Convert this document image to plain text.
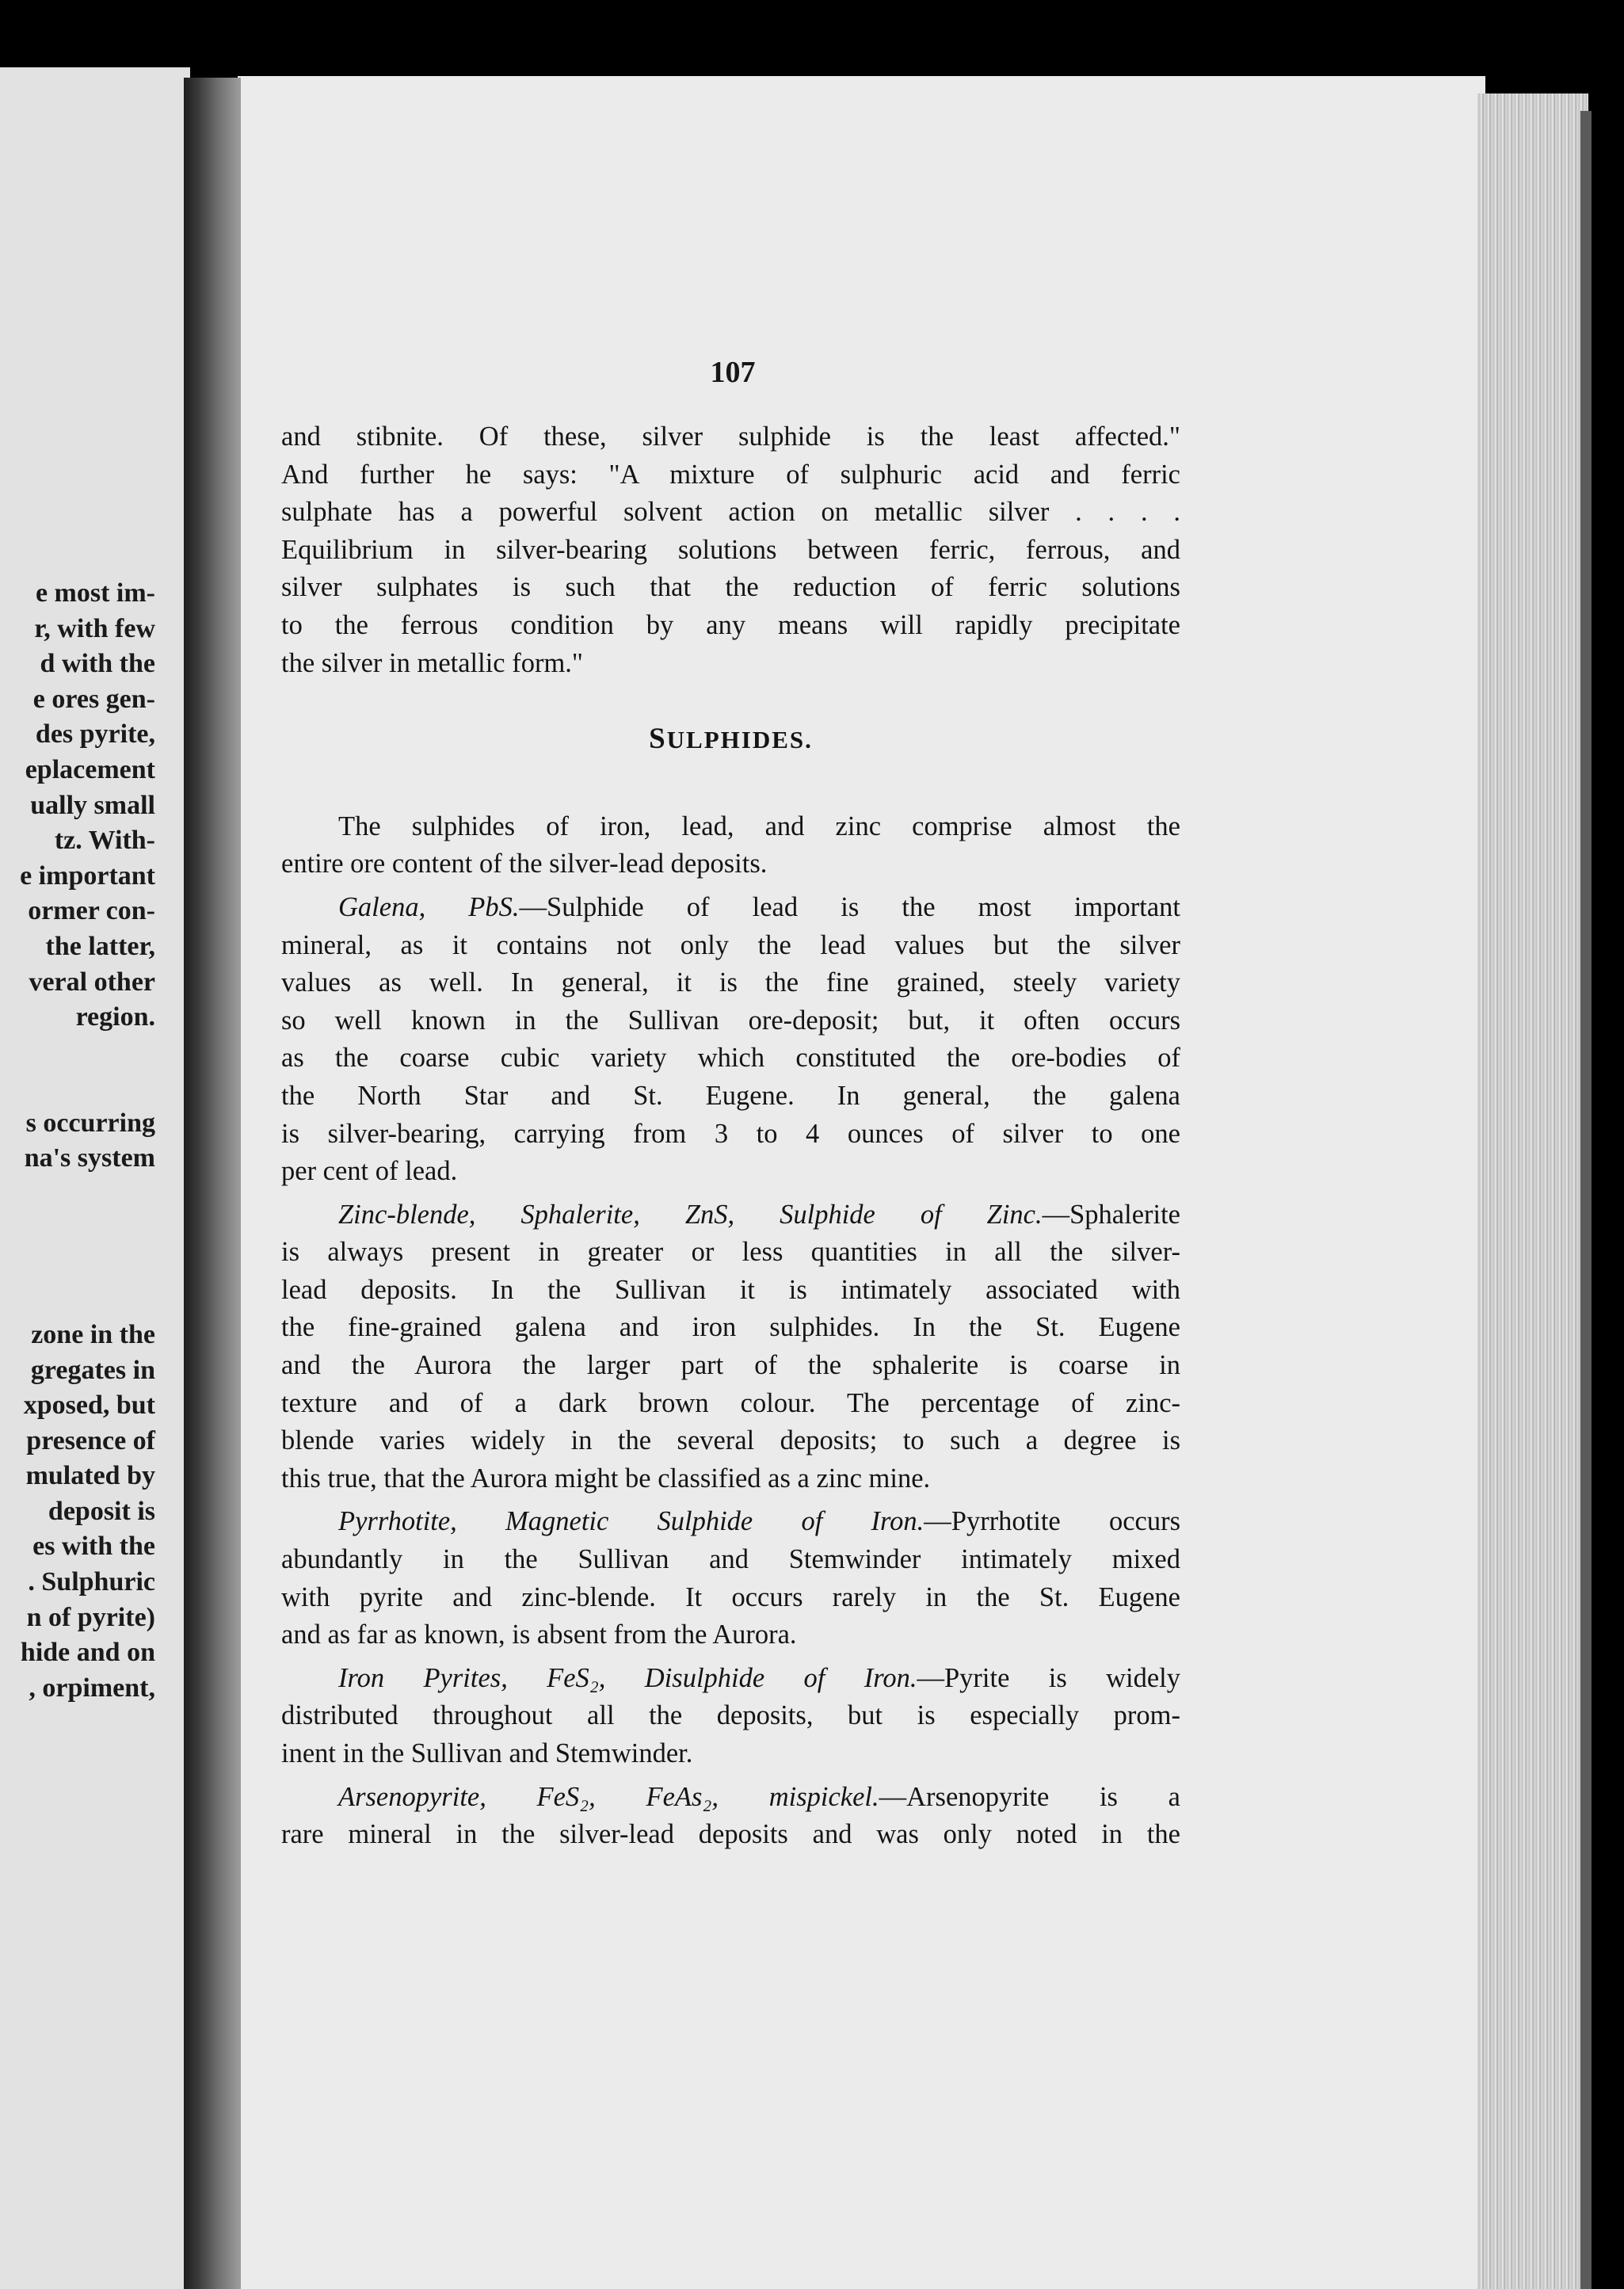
e most im-
r, with few
d with the
e ores gen-
des pyrite,
eplacement
ually small
tz. With-
e important
ormer con-
the latter,
veral other
region.
s occurring
na's system
zone in the
gregates in
xposed, but
presence of
mulated by
deposit is
es with the
. Sulphuric
n of pyrite)
hide and on
, orpiment,
107
and stibnite. Of these, silver sulphide is the least affected."
And further he says: "A mixture of sulphuric acid and ferric
sulphate has a powerful solvent action on metallic silver . . . .
Equilibrium in silver-bearing solutions between ferric, ferrous, and
silver sulphates is such that the reduction of ferric solutions
to the ferrous condition by any means will rapidly precipitate
the silver in metallic form."
SULPHIDES.
The sulphides of iron, lead, and zinc comprise almost the
entire ore content of the silver-lead deposits.
Galena, PbS.—Sulphide of lead is the most important
mineral, as it contains not only the lead values but the silver
values as well. In general, it is the fine grained, steely variety
so well known in the Sullivan ore-deposit; but, it often occurs
as the coarse cubic variety which constituted the ore-bodies of
the North Star and St. Eugene. In general, the galena
is silver-bearing, carrying from 3 to 4 ounces of silver to one
per cent of lead.
Zinc-blende, Sphalerite, ZnS, Sulphide of Zinc.—Sphalerite
is always present in greater or less quantities in all the silver-
lead deposits. In the Sullivan it is intimately associated with
the fine-grained galena and iron sulphides. In the St. Eugene
and the Aurora the larger part of the sphalerite is coarse in
texture and of a dark brown colour. The percentage of zinc-
blende varies widely in the several deposits; to such a degree is
this true, that the Aurora might be classified as a zinc mine.
Pyrrhotite, Magnetic Sulphide of Iron.—Pyrrhotite occurs
abundantly in the Sullivan and Stemwinder intimately mixed
with pyrite and zinc-blende. It occurs rarely in the St. Eugene
and as far as known, is absent from the Aurora.
Iron Pyrites, FeS₂, Disulphide of Iron.—Pyrite is widely
distributed throughout all the deposits, but is especially prom-
inent in the Sullivan and Stemwinder.
Arsenopyrite, FeS₂, FeAs₂, mispickel.—Arsenopyrite is a
rare mineral in the silver-lead deposits and was only noted in the
